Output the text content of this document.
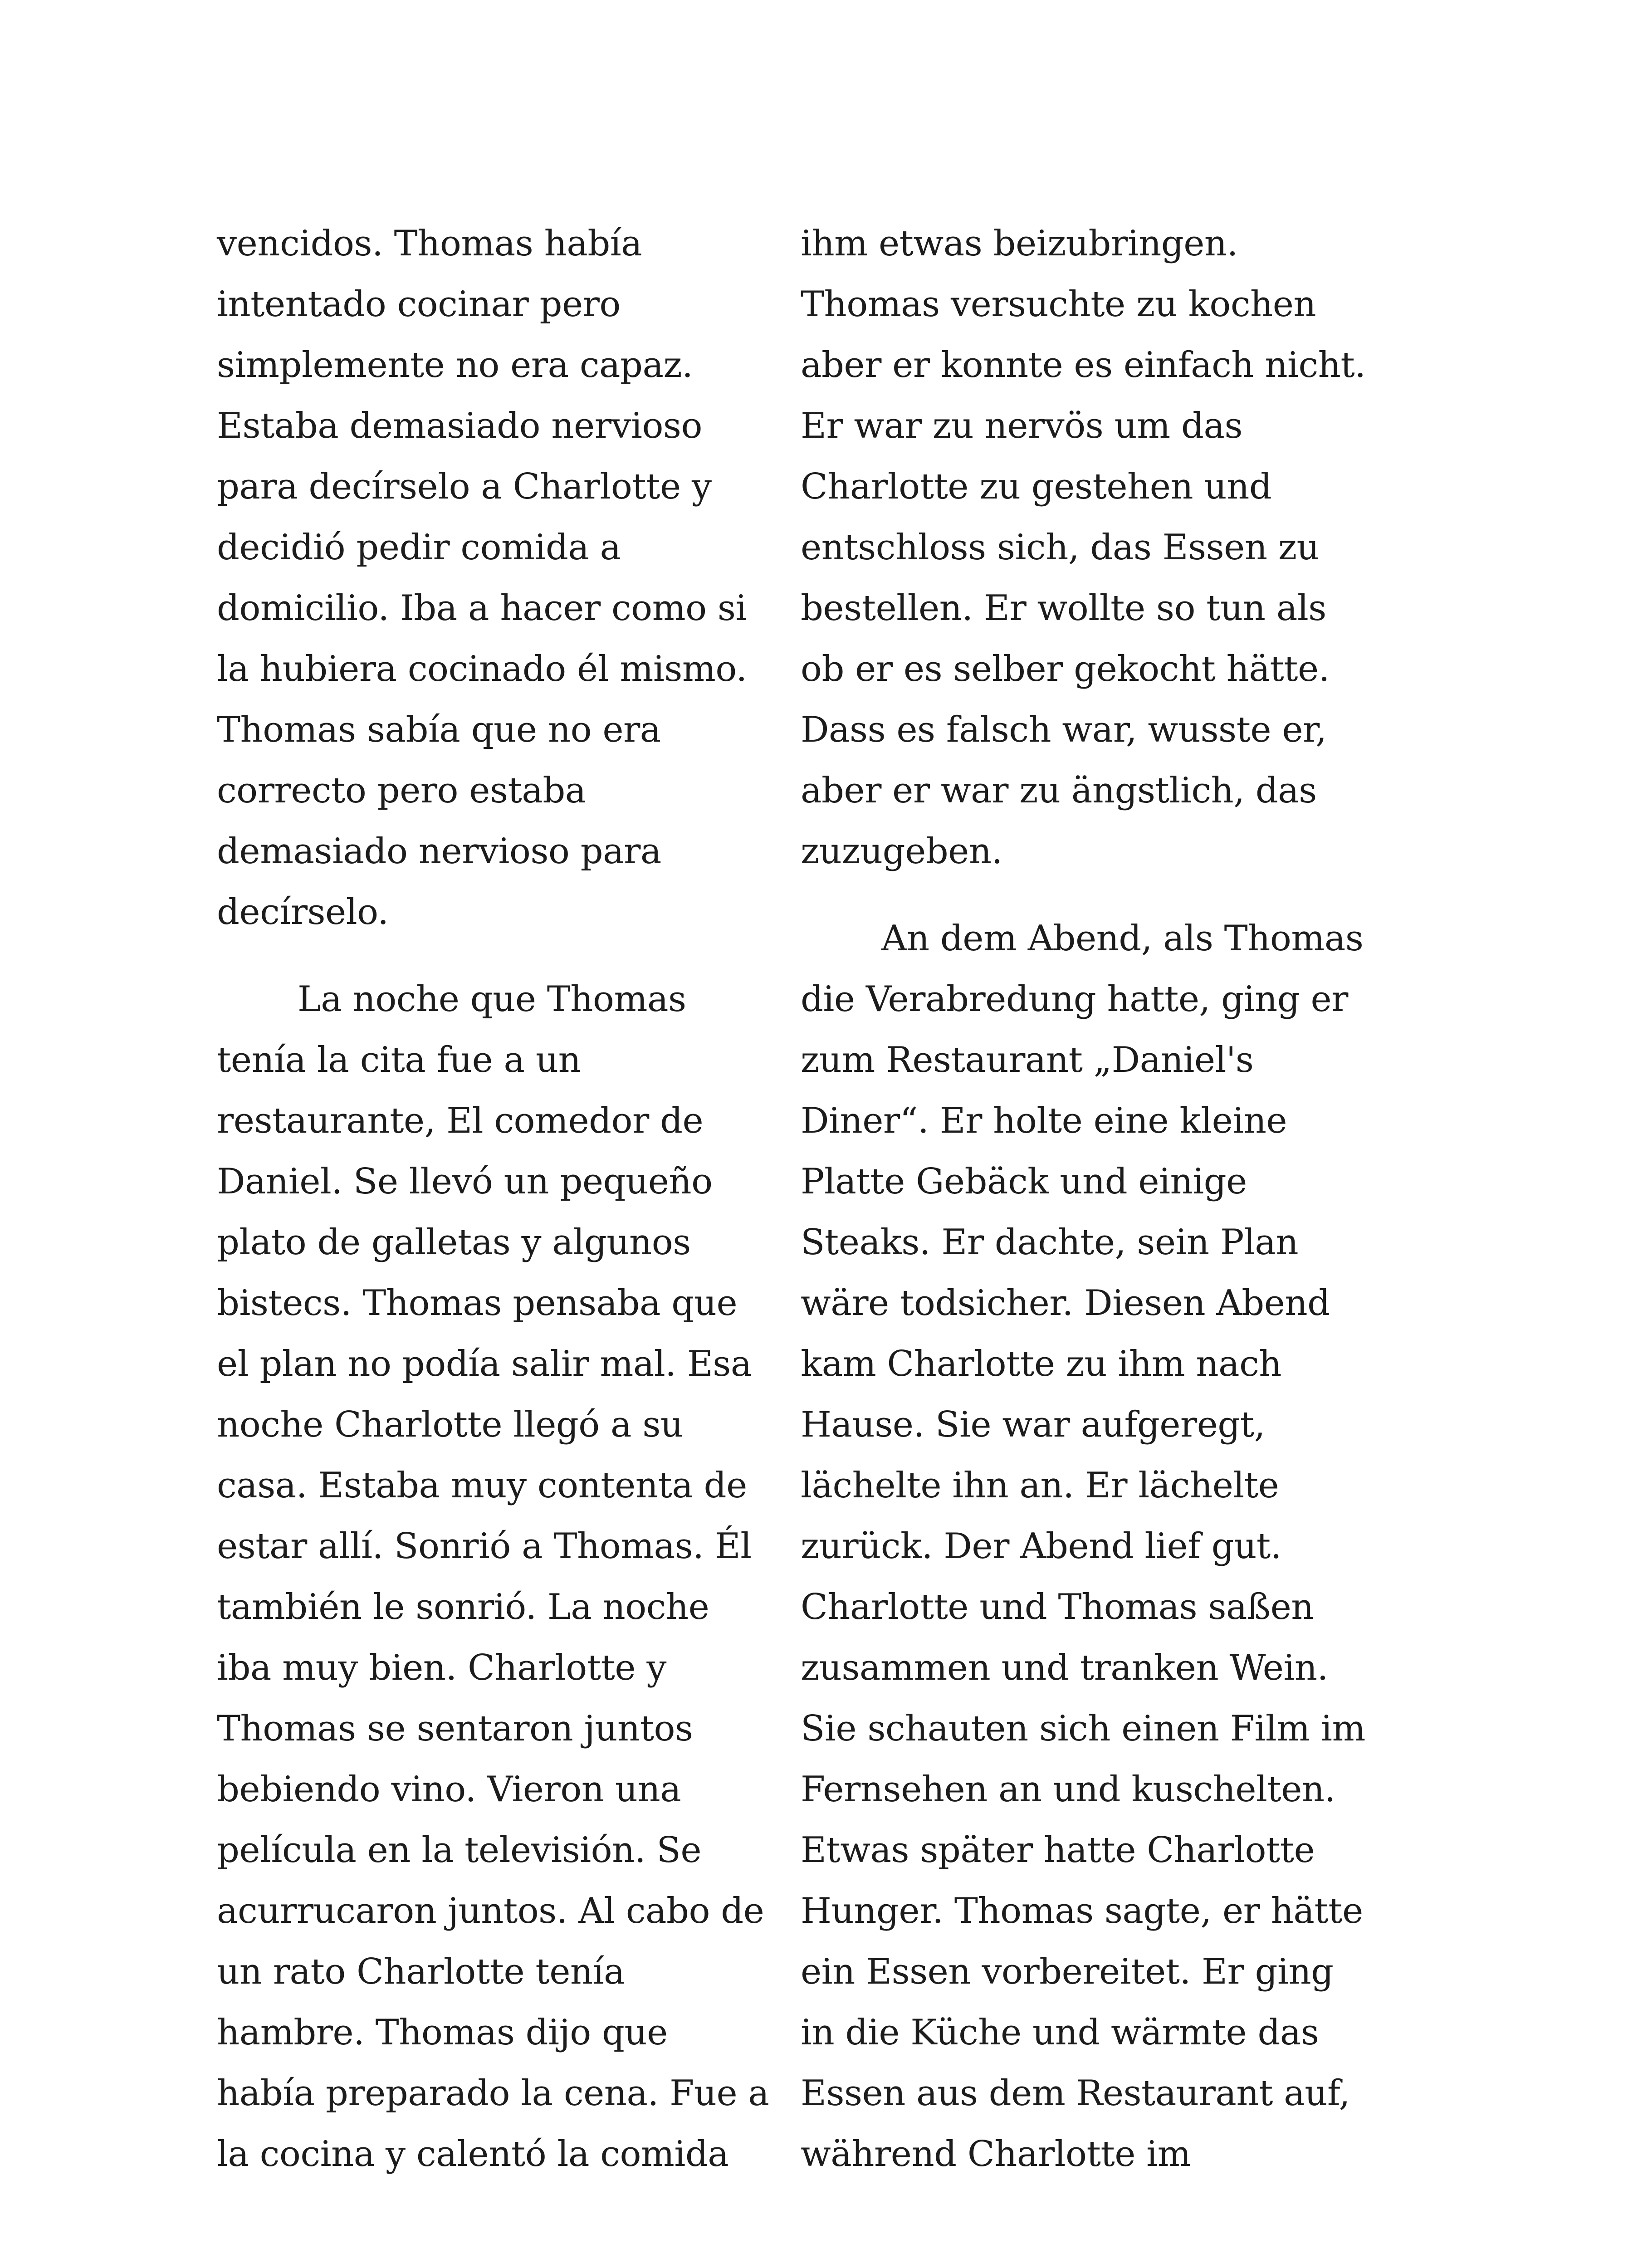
vencidos. Thomas había
intentado cocinar pero
simplemente no era capaz.
Estaba demasiado nervioso
para decírselo a Charlotte y
decidió pedir comida a
domicilio. Iba a hacer como si
la hubiera cocinado él mismo.
Thomas sabía que no era
correcto pero estaba
demasiado nervioso para
decírselo.
La noche que Thomas
tenía la cita fue a un
restaurante, El comedor de
Daniel. Se llevó un pequeño
plato de galletas y algunos
bistecs. Thomas pensaba que
el plan no podía salir mal. Esa
noche Charlotte llegó a su
casa. Estaba muy contenta de
estar allí. Sonrió a Thomas. Él
también le sonrió. La noche
iba muy bien. Charlotte y
Thomas se sentaron juntos
bebiendo vino. Vieron una
película en la televisión. Se
acurrucaron juntos. Al cabo de
un rato Charlotte tenía
hambre. Thomas dijo que
había preparado la cena. Fue a
la cocina y calentó la comida
ihm etwas beizubringen.
Thomas versuchte zu kochen
aber er konnte es einfach nicht.
Er war zu nervös um das
Charlotte zu gestehen und
entschloss sich, das Essen zu
bestellen. Er wollte so tun als
ob er es selber gekocht hätte.
Dass es falsch war, wusste er,
aber er war zu ängstlich, das
zuzugeben.
An dem Abend, als Thomas
die Verabredung hatte, ging er
zum Restaurant „Daniel's
Diner“. Er holte eine kleine
Platte Gebäck und einige
Steaks. Er dachte, sein Plan
wäre todsicher. Diesen Abend
kam Charlotte zu ihm nach
Hause. Sie war aufgeregt,
lächelte ihn an. Er lächelte
zurück. Der Abend lief gut.
Charlotte und Thomas saßen
zusammen und tranken Wein.
Sie schauten sich einen Film im
Fernsehen an und kuschelten.
Etwas später hatte Charlotte
Hunger. Thomas sagte, er hätte
ein Essen vorbereitet. Er ging
in die Küche und wärmte das
Essen aus dem Restaurant auf,
während Charlotte im
